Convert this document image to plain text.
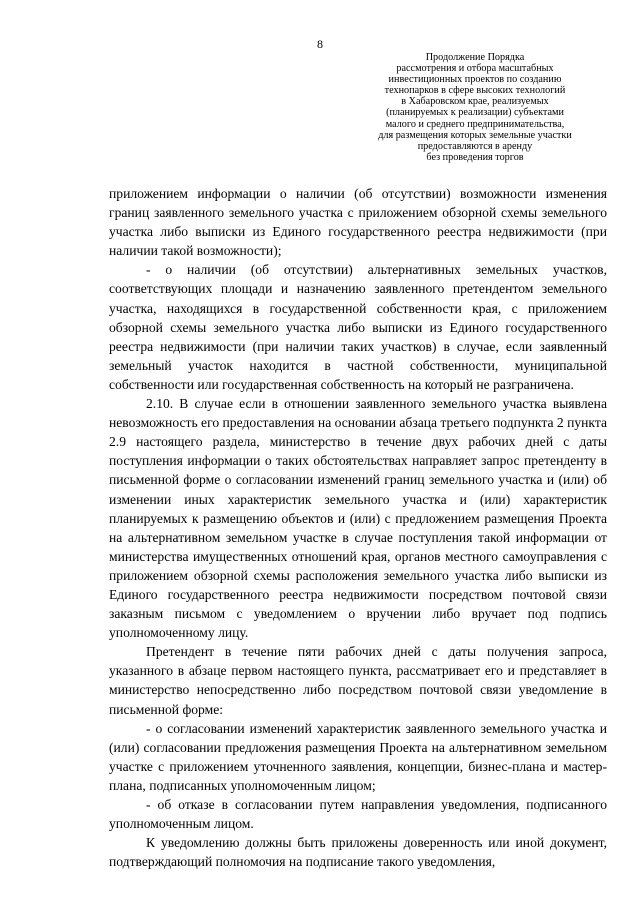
8
Продолжение Порядка
рассмотрения и отбора масштабных
инвестиционных проектов по созданию
технопарков в сфере высоких технологий
в Хабаровском крае, реализуемых
(планируемых к реализации) субъектами
малого и среднего предпринимательства,
для размещения которых земельные участки
предоставляются в аренду
без проведения торгов

приложением информации о наличии (об отсутствии) возможности изменения границ заявленного земельного участка с приложением обзорной схемы земельного участка либо выписки из Единого государственного реестра недвижимости (при наличии такой возможности);

- о наличии (об отсутствии) альтернативных земельных участков, соответствующих площади и назначению заявленного претендентом земельного участка, находящихся в государственной собственности края, с приложением обзорной схемы земельного участка либо выписки из Единого государственного реестра недвижимости (при наличии таких участков) в случае, если заявленный земельный участок находится в частной собственности, муниципальной собственности или государственная собственность на который не разграничена.

2.10. В случае если в отношении заявленного земельного участка выявлена невозможность его предоставления на основании абзаца третьего подпункта 2 пункта 2.9 настоящего раздела, министерство в течение двух рабочих дней с даты поступления информации о таких обстоятельствах направляет запрос претенденту в письменной форме о согласовании изменений границ земельного участка и (или) об изменении иных характеристик земельного участка и (или) характеристик планируемых к размещению объектов и (или) с предложением размещения Проекта на альтернативном земельном участке в случае поступления такой информации от министерства имущественных отношений края, органов местного самоуправления с приложением обзорной схемы расположения земельного участка либо выписки из Единого государственного реестра недвижимости посредством почтовой связи заказным письмом с уведомлением о вручении либо вручает под подпись уполномоченному лицу.

Претендент в течение пяти рабочих дней с даты получения запроса, указанного в абзаце первом настоящего пункта, рассматривает его и представляет в министерство непосредственно либо посредством почтовой связи уведомление в письменной форме:

- о согласовании изменений характеристик заявленного земельного участка и (или) согласовании предложения размещения Проекта на альтернативном земельном участке с приложением уточненного заявления, концепции, бизнес-плана и мастер-плана, подписанных уполномоченным лицом;

- об отказе в согласовании путем направления уведомления, подписанного уполномоченным лицом.

К уведомлению должны быть приложены доверенность или иной документ, подтверждающий полномочия на подписание такого уведомления,
